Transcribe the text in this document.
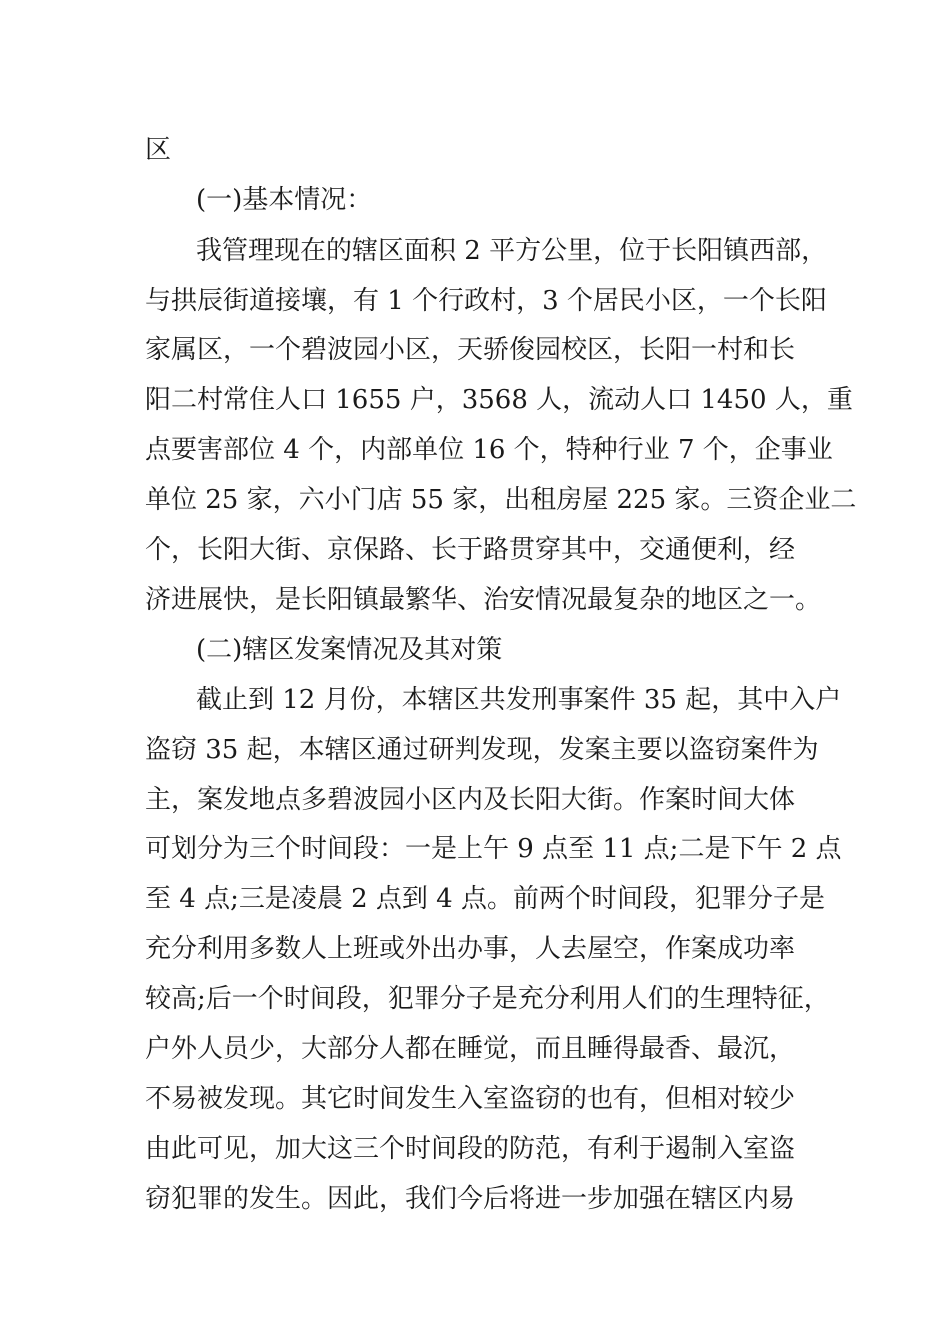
区
(一)基本情况：
我管理现在的辖区面积 2 平方公里，位于长阳镇西部，
与拱辰街道接壤，有 1 个行政村，3 个居民小区，一个长阳
家属区，一个碧波园小区，天骄俊园校区，长阳一村和长
阳二村常住人口 1655 户，3568 人，流动人口 1450 人，重
点要害部位 4 个，内部单位 16 个，特种行业 7 个，企事业
单位 25 家，六小门店 55 家，出租房屋 225 家。三资企业二
个，长阳大街、京保路、长于路贯穿其中，交通便利，经
济进展快，是长阳镇最繁华、治安情况最复杂的地区之一。
(二)辖区发案情况及其对策
截止到 12 月份，本辖区共发刑事案件 35 起，其中入户
盗窃 35 起，本辖区通过研判发现，发案主要以盗窃案件为
主，案发地点多碧波园小区内及长阳大街。作案时间大体
可划分为三个时间段：一是上午 9 点至 11 点;二是下午 2 点
至 4 点;三是凌晨 2 点到 4 点。前两个时间段，犯罪分子是
充分利用多数人上班或外出办事，人去屋空，作案成功率
较高;后一个时间段，犯罪分子是充分利用人们的生理特征，
户外人员少，大部分人都在睡觉，而且睡得最香、最沉，
不易被发现。其它时间发生入室盗窃的也有，但相对较少
由此可见，加大这三个时间段的防范，有利于遏制入室盗
窃犯罪的发生。因此，我们今后将进一步加强在辖区内易
